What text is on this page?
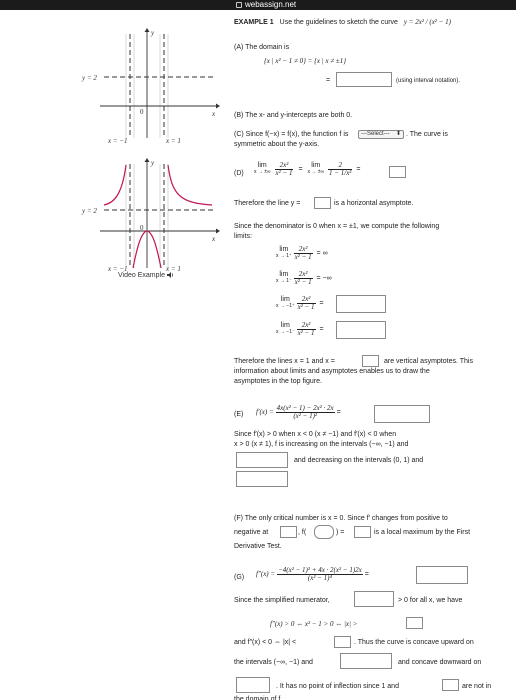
webassign.net
y
x
0
y = 2
x = −1	x = 1
y
x
0
y = 2
x = −1	x = 1
Video Example
EXAMPLE 1 Use the guidelines to sketch the curve y = 2x² / (x² − 1)
(A) The domain is
{x | x² − 1 ≠ 0} = {x | x ≠ ±1}
=	(using interval notation).
(B) The x- and y-intercepts are both 0.
(C) Since f(−x) = f(x), the function f is	---Select--- ⬍ . The curve is
symmetric about the y-axis.
(D)
lim
x → ±∞
$\frac{\text{2x²}}{\text{x² − 1}} = \lim$
x → ±∞
$\frac{2}{\text{1 − 1/x²}}$ =
Therefore the line y =	is a horizontal asymptote.
Since the denominator is 0 when x = ±1, we compute the following
limits:
lim
x → 1⁺
$\frac{\text{2x²}}{\text{x² − 1}}$ = ∞
lim
x → 1⁻
$\frac{\text{2x²}}{\text{x² − 1}}$ = −∞
lim
x → −1⁺
$\frac{\text{2x²}}{\text{x² − 1}}$ =
lim
x → −1⁻
$\frac{\text{2x²}}{\text{x² − 1}}$ =
Therefore the lines x = 1 and x =	are vertical asymptotes. This
information about limits and asymptotes enables us to draw the
asymptotes in the top figure.
(E) $f'(x) = \frac{\text{4x(x² − 1) − 2x² · 2x}}{\text{(x² − 1)²}}$ =
Since f′(x) > 0 when x < 0 (x ≠ −1) and f′(x) < 0 when
x > 0 (x ≠ 1), f is increasing on the intervals (−∞, −1) and
and decreasing on the intervals (0, 1) and
(F) The only critical number is x = 0. Since f′ changes from positive to
negative at	, f(	) =	is a local maximum by the First
Derivative Test.
(G) $f''(x) = \frac{\text{−4(x² − 1)² + 4x · 2(x² − 1)2x}}{\text{(x² − 1)⁴}}$ =
Since the simplified numerator,	> 0 for all x, we have
f″(x) > 0 ⇔ x² − 1 > 0 ⇔ |x| >
and f″(x) < 0 ⇔ |x| <	. Thus the curve is concave upward on
the intervals (−∞, −1) and	and concave downward on
. It has no point of inflection since 1 and	are not in
the domain of f.
